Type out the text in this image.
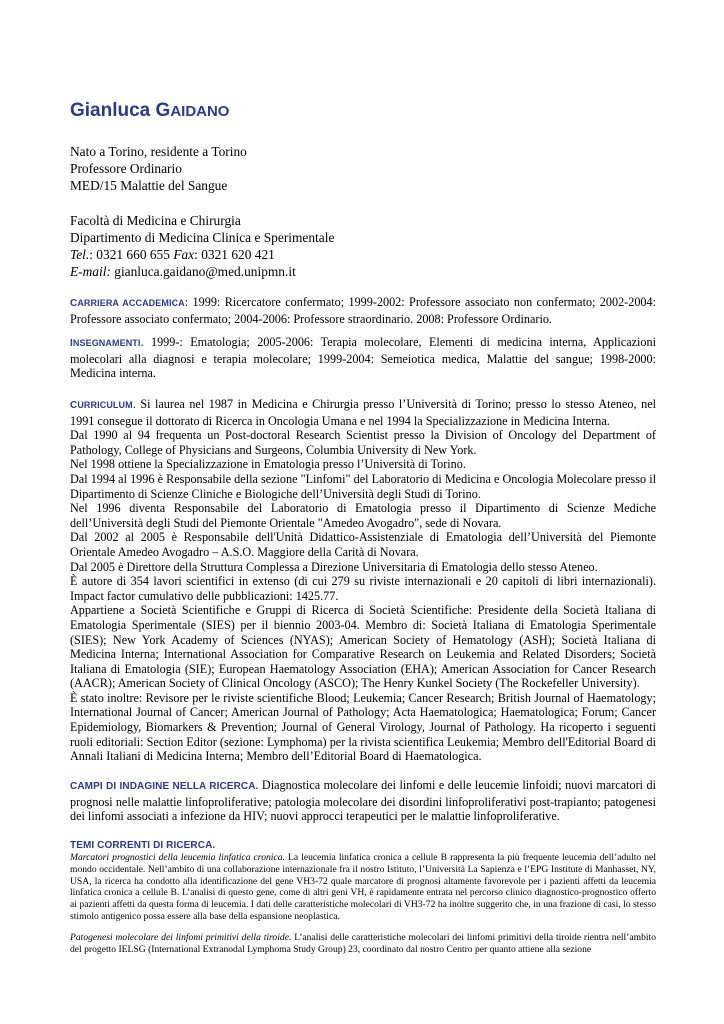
Gianluca GAIDANO
Nato a Torino, residente a Torino
Professore Ordinario
MED/15 Malattie del Sangue
Facoltà di Medicina e Chirurgia
Dipartimento di Medicina Clinica e Sperimentale
Tel.: 0321 660 655 Fax: 0321 620 421
E-mail: gianluca.gaidano@med.unipmn.it
CARRIERA ACCADEMICA: 1999: Ricercatore confermato; 1999-2002: Professore associato non confermato; 2002-2004: Professore associato confermato; 2004-2006: Professore straordinario. 2008: Professore Ordinario.
INSEGNAMENTI. 1999-: Ematologia; 2005-2006: Terapia molecolare, Elementi di medicina interna, Applicazioni molecolari alla diagnosi e terapia molecolare; 1999-2004: Semeiotica medica, Malattie del sangue; 1998-2000: Medicina interna.

CURRICULUM. Si laurea nel 1987 in Medicina e Chirurgia presso l’Università di Torino; presso lo stesso Ateneo, nel 1991 consegue il dottorato di Ricerca in Oncologia Umana e nel 1994 la Specializzazione in Medicina Interna.

Dal 1990 al 94 frequenta un Post-doctoral Research Scientist presso la Division of Oncology del Department of Pathology, College of Physicians and Surgeons, Columbia University di New York.

Nel 1998 ottiene la Specializzazione in Ematologia presso l’Università di Torino.

Dal 1994 al 1996 è Responsabile della sezione "Linfomi" del Laboratorio di Medicina e Oncologia Molecolare presso il Dipartimento di Scienze Cliniche e Biologiche dell’Università degli Studi di Torino.

Nel 1996 diventa Responsabile del Laboratorio di Ematologia presso il Dipartimento di Scienze Mediche dell’Università degli Studi del Piemonte Orientale "Amedeo Avogadro", sede di Novara.

Dal 2002 al 2005 è Responsabile dell'Unità Didattico-Assistenziale di Ematologia dell’Università del Piemonte Orientale Amedeo Avogadro – A.S.O. Maggiore della Carità di Novara.

Dal 2005 è Direttore della Struttura Complessa a Direzione Universitaria di Ematologia dello stesso Ateneo.

È autore di 354 lavori scientifici in extenso (di cui 279 su riviste internazionali e 20 capitoli di libri internazionali). Impact factor cumulativo delle pubblicazioni: 1425.77.

Appartiene a Società Scientifiche e Gruppi di Ricerca di Società Scientifiche: Presidente della Società Italiana di Ematologia Sperimentale (SIES) per il biennio 2003-04. Membro di: Società Italiana di Ematologia Sperimentale (SIES); New York Academy of Sciences (NYAS); American Society of Hematology (ASH); Società Italiana di Medicina Interna; International Association for Comparative Research on Leukemia and Related Disorders; Società Italiana di Ematologia (SIE); European Haematology Association (EHA); American Association for Cancer Research (AACR); American Society of Clinical Oncology (ASCO); The Henry Kunkel Society (The Rockefeller University).

È stato inoltre: Revisore per le riviste scientifiche Blood; Leukemia; Cancer Research; British Journal of Haematology; International Journal of Cancer; American Journal of Pathology; Acta Haematologica; Haematologica; Forum; Cancer Epidemiology, Biomarkers & Prevention; Journal of General Virology, Journal of Pathology. Ha ricoperto i seguenti ruoli editoriali: Section Editor (sezione: Lymphoma) per la rivista scientifica Leukemia; Membro dell'Editorial Board di Annali Italiani di Medicina Interna; Membro dell’Editorial Board di Haematologica.

CAMPI DI INDAGINE NELLA RICERCA. Diagnostica molecolare dei linfomi e delle leucemie linfoidi; nuovi marcatori di prognosi nelle malattie linfoproliferative; patologia molecolare dei disordini linfoproliferativi post-trapianto; patogenesi dei linfomi associati a infezione da HIV; nuovi approcci terapeutici per le malattie linfoproliferative.
TEMI CORRENTI DI RICERCA.

Marcatori prognostici della leucemia linfatica cronica. La leucemia linfatica cronica a cellule B rappresenta la più frequente leucemia dell’adulto nel mondo occidentale. Nell’ambito di una collaborazione internazionale fra il nostro Istituto, l’Università La Sapienza e l’EPG Institute di Manhasset, NY, USA, la ricerca ha condotto alla identificazione del gene VH3-72 quale marcatore di prognosi altamente favorevole per i pazienti affetti da leucemia linfatica cronica a cellule B. L’analisi di questo gene, come di altri geni VH, è rapidamente entrata nel percorso clinico diagnostico-prognostico offerto ai pazienti affetti da questa forma di leucemia. I dati delle caratteristiche molecolari di VH3-72 ha inoltre suggerito che, in una frazione di casi, lo stesso stimolo antigenico possa essere alla base della espansione neoplastica.

Patogenesi molecolare dei linfomi primitivi della tiroide. L’analisi delle caratteristiche molecolari dei linfomi primitivi della tiroide rientra nell’ambito del progetto IELSG (International Extranodal Lymphoma Study Group) 23, coordinato dal nostro Centro per quanto attiene alla sezione
